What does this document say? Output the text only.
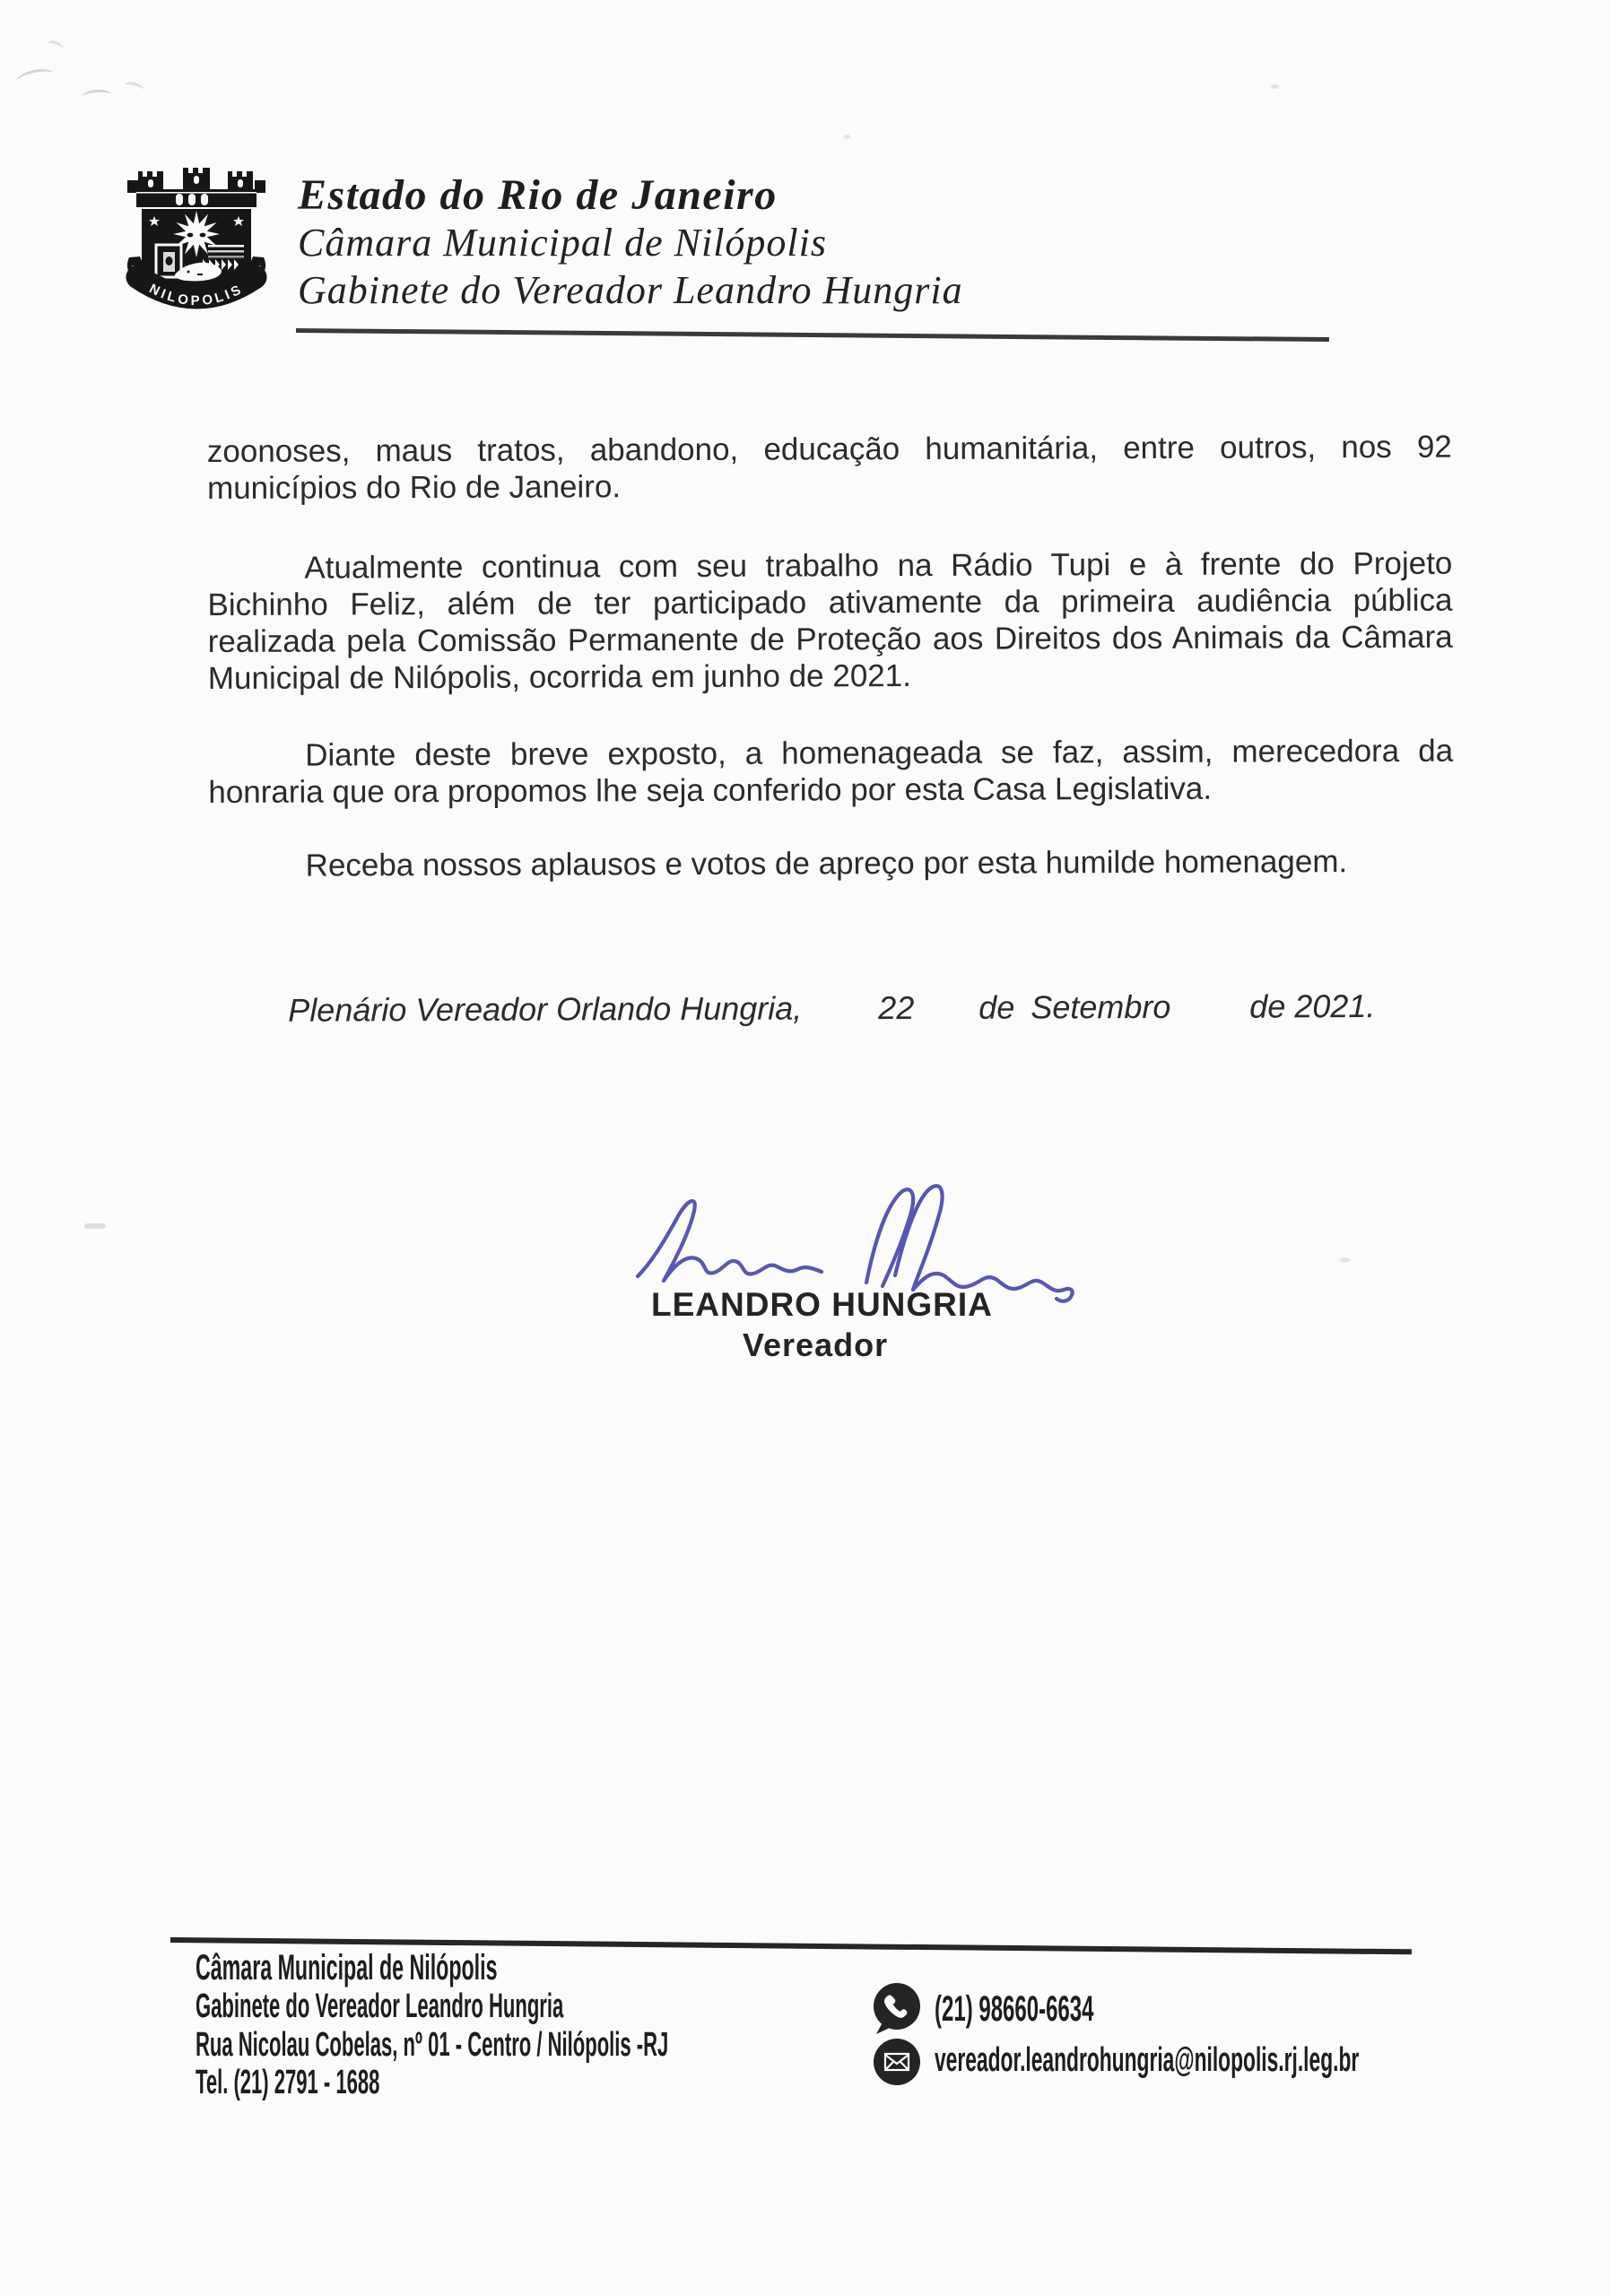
NILOPOLIS
Estado do Rio de Janeiro
Câmara Municipal de Nilópolis
Gabinete do Vereador Leandro Hungria
zoonoses, maus tratos, abandono, educação humanitária, entre outros, nos 92
municípios do Rio de Janeiro.
Atualmente continua com seu trabalho na Rádio Tupi e à frente do Projeto
Bichinho Feliz, além de ter participado ativamente da primeira audiência pública
realizada pela Comissão Permanente de Proteção aos Direitos dos Animais da Câmara
Municipal de Nilópolis, ocorrida em junho de 2021.
Diante deste breve exposto, a homenageada se faz, assim, merecedora da
honraria que ora propomos lhe seja conferido por esta Casa Legislativa.
Receba nossos aplausos e votos de apreço por esta humilde homenagem.
Plenário Vereador Orlando Hungria, 22 de Setembro de 2021.
LEANDRO HUNGRIA
Vereador
Câmara Municipal de Nilópolis
Gabinete do Vereador Leandro Hungria
Rua Nicolau Cobelas, nº 01 - Centro / Nilópolis -RJ
Tel. (21) 2791 - 1688
(21) 98660-6634
vereador.leandrohungria@nilopolis.rj.leg.br
